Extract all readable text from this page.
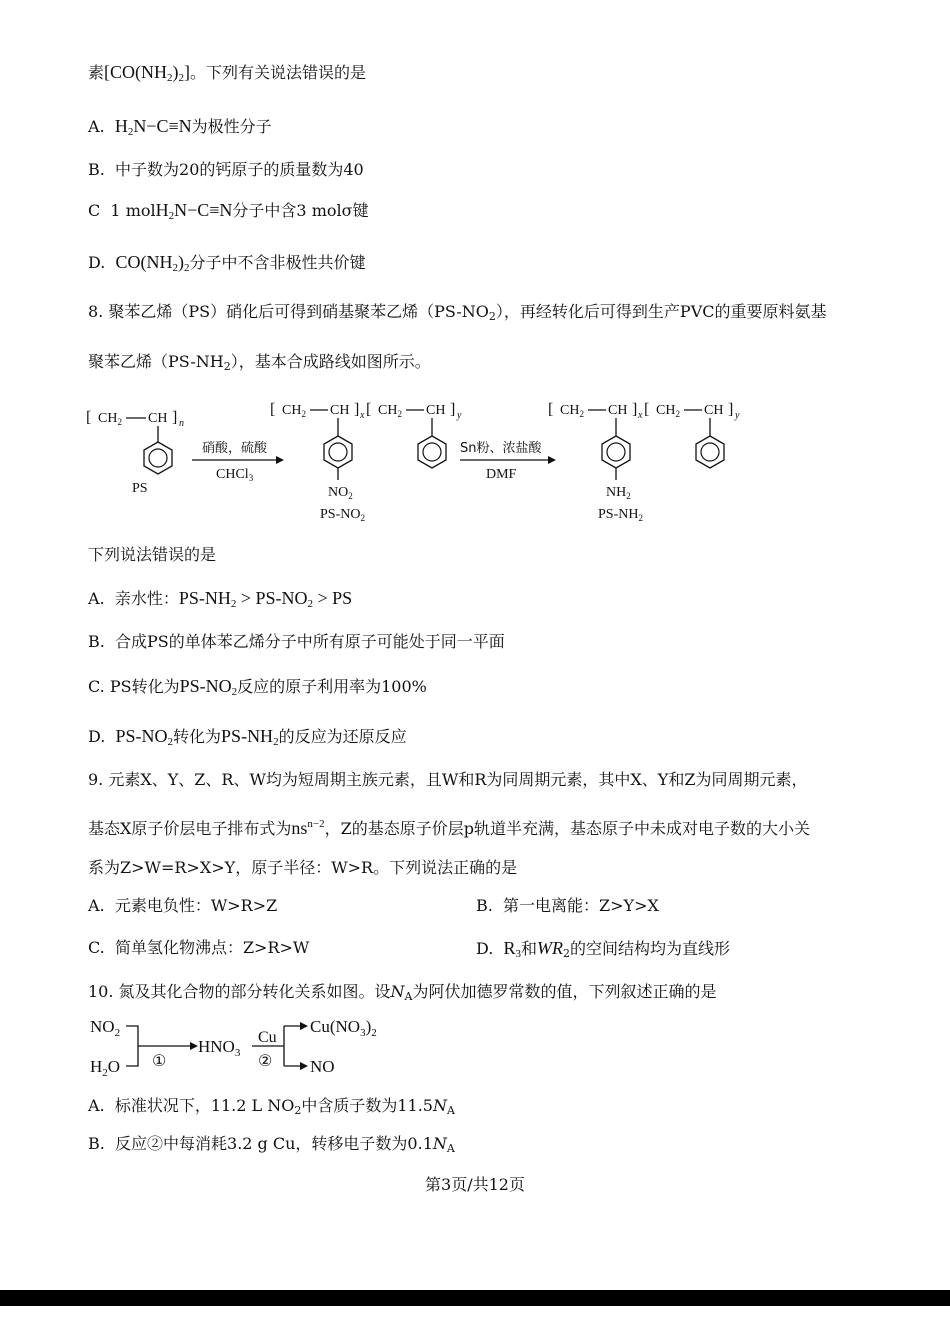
素$[CO(NH_2)_2]$。下列有关说法错误的是
A. $H_2N-C\equiv N$为极性分子
B. 中子数为20的钙原子的质量数为40
C 1 molH$_2$N−C≡N分子中含3 molσ键
D. $CO(NH_2)_2$分子中不含非极性共价键
8. 聚苯乙烯（PS）硝化后可得到硝基聚苯乙烯$(PS-NO_2)$，再经转化后可得到生产PVC的重要原料氨基
聚苯乙烯$(PS-NH_2)$，基本合成路线如图所示。
[ $CH_2$ CH ] n
PS
硝酸，硫酸
CHCl$_3$
[ $CH_2$ CH ] x [ $CH_2$ CH ] y
$NO_2$
$PS-NO_2$
Sn粉、浓盐酸
DMF
[ $CH_2$ CH ] x [ $CH_2$ CH ] y
$NH_2$
$PS-NH_2$
下列说法错误的是
A. 亲水性：$PS-NH_2 > PS-NO_2$ > PS
B. 合成PS的单体苯乙烯分子中所有原子可能处于同一平面
C. PS转化为$PS-NO_2$反应的原子利用率为100%
D. $PS-NO_2$转化为$PS-NH_2$的反应为还原反应
9. 元素X、Y、Z、R、W均为短周期主族元素，且W和R为同周期元素，其中X、Y和Z为同周期元素，
基态X原子价层电子排布式为$ns^{n-2}$，Z的基态原子价层p轨道半充满，基态原子中未成对电子数的大小关
系为Z>W=R>X>Y，原子半径：W>R。下列说法正确的是
A. 元素电负性：W>R>Z	B. 第一电离能：Z>Y>X
C. 简单氢化物沸点：Z>R>W	D. $R_3$和$WR_2$的空间结构均为直线形
10. 氮及其化合物的部分转化关系如图。设$N_A$为阿伏加德罗常数的值，下列叙述正确的是
$NO_2$
$H_2O$ ①
$HNO_3$
Cu
②
$Cu(NO_3)_2$
NO
A. 标准状况下，11.2 L $NO_2$中含质子数为$11.5N_A$
B. 反应②中每消耗3.2 g Cu，转移电子数为$0.1N_A$
第3页/共12页
